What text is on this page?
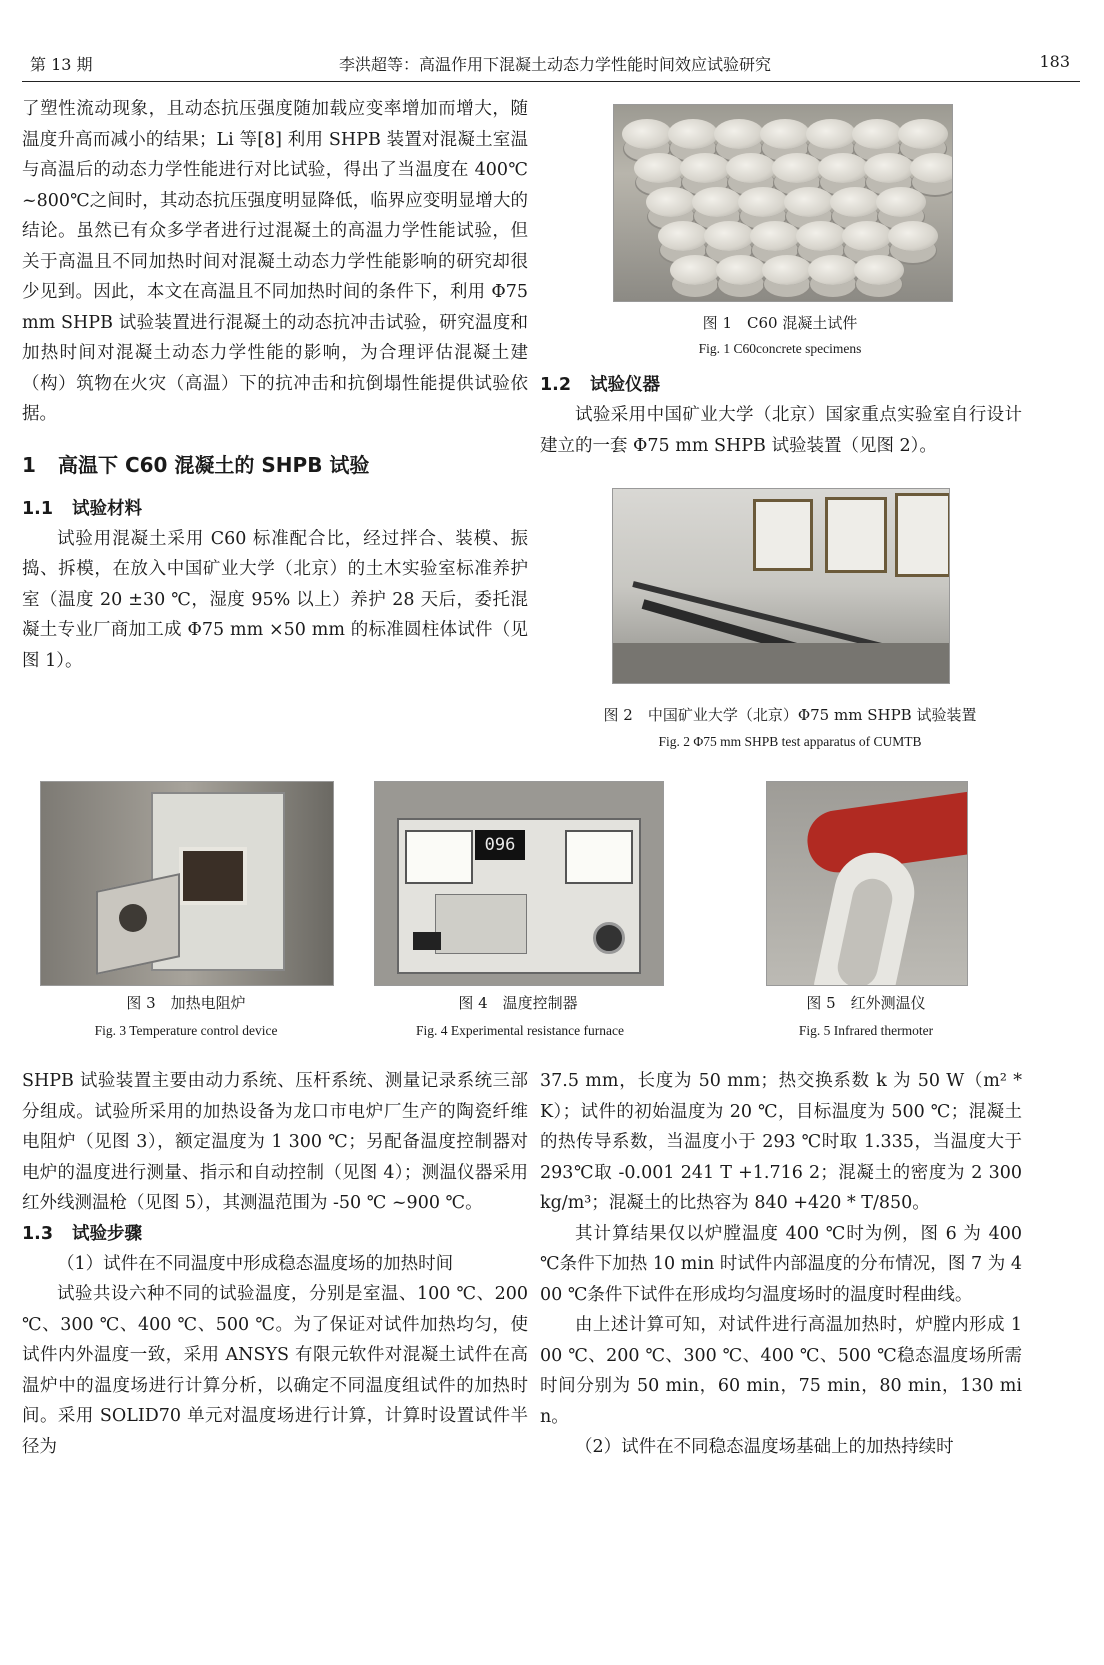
第 13 期	李洪超等：高温作用下混凝土动态力学性能时间效应试验研究	183

了塑性流动现象，且动态抗压强度随加载应变率增加而增大，随温度升高而减小的结果；Li 等[8] 利用 SHPB 装置对混凝土室温与高温后的动态力学性能进行对比试验，得出了当温度在 400℃ ~800℃之间时，其动态抗压强度明显降低，临界应变明显增大的结论。虽然已有众多学者进行过混凝土的高温力学性能试验，但关于高温且不同加热时间对混凝土动态力学性能影响的研究却很少见到。因此，本文在高温且不同加热时间的条件下，利用 Φ75 mm SHPB 试验装置进行混凝土的动态抗冲击试验，研究温度和加热时间对混凝土动态力学性能的影响，为合理评估混凝土建（构）筑物在火灾（高温）下的抗冲击和抗倒塌性能提供试验依据。

1 高温下 C60 混凝土的 SHPB 试验
1.1 试验材料

试验用混凝土采用 C60 标准配合比，经过拌合、装模、振捣、拆模，在放入中国矿业大学（北京）的土木实验室标准养护室（温度 20 ±30 ℃，湿度 95% 以上）养护 28 天后，委托混凝土专业厂商加工成 Φ75 mm ×50 mm 的标准圆柱体试件（见图 1）。

图 1　C60 混凝土试件
Fig. 1 C60concrete specimens
1.2 试验仪器

试验采用中国矿业大学（北京）国家重点实验室自行设计建立的一套 Φ75 mm SHPB 试验装置（见图 2）。

图 2　中国矿业大学（北京）Φ75 mm SHPB 试验装置
Fig. 2 Φ75 mm SHPB test apparatus of CUMTB
096
图 3　加热电阻炉
Fig. 3 Temperature control device
图 4　温度控制器
Fig. 4 Experimental resistance furnace
图 5　红外测温仪
Fig. 5 Infrared thermoter

SHPB 试验装置主要由动力系统、压杆系统、测量记录系统三部分组成。试验所采用的加热设备为龙口市电炉厂生产的陶瓷纤维电阻炉（见图 3），额定温度为 1 300 ℃；另配备温度控制器对电炉的温度进行测量、指示和自动控制（见图 4）；测温仪器采用红外线测温枪（见图 5），其测温范围为 -50 ℃ ~900 ℃。

1.3 试验步骤

（1）试件在不同温度中形成稳态温度场的加热时间

试验共设六种不同的试验温度，分别是室温、100 ℃、200 ℃、300 ℃、400 ℃、500 ℃。为了保证对试件加热均匀，使试件内外温度一致，采用 ANSYS 有限元软件对混凝土试件在高温炉中的温度场进行计算分析，以确定不同温度组试件的加热时间。采用 SOLID70 单元对温度场进行计算，计算时设置试件半径为

37.5 mm，长度为 50 mm；热交换系数 k 为 50 W（m² * K）；试件的初始温度为 20 ℃，目标温度为 500 ℃；混凝土的热传导系数，当温度小于 293 ℃时取 1.335，当温度大于 293℃取 -0.001 241 T +1.716 2；混凝土的密度为 2 300 kg/m³；混凝土的比热容为 840 +420 * T/850。

其计算结果仅以炉膛温度 400 ℃时为例，图 6 为 400 ℃条件下加热 10 min 时试件内部温度的分布情况，图 7 为 400 ℃条件下试件在形成均匀温度场时的温度时程曲线。

由上述计算可知，对试件进行高温加热时，炉膛内形成 100 ℃、200 ℃、300 ℃、400 ℃、500 ℃稳态温度场所需时间分别为 50 min，60 min，75 min，80 min，130 min。

（2）试件在不同稳态温度场基础上的加热持续时
